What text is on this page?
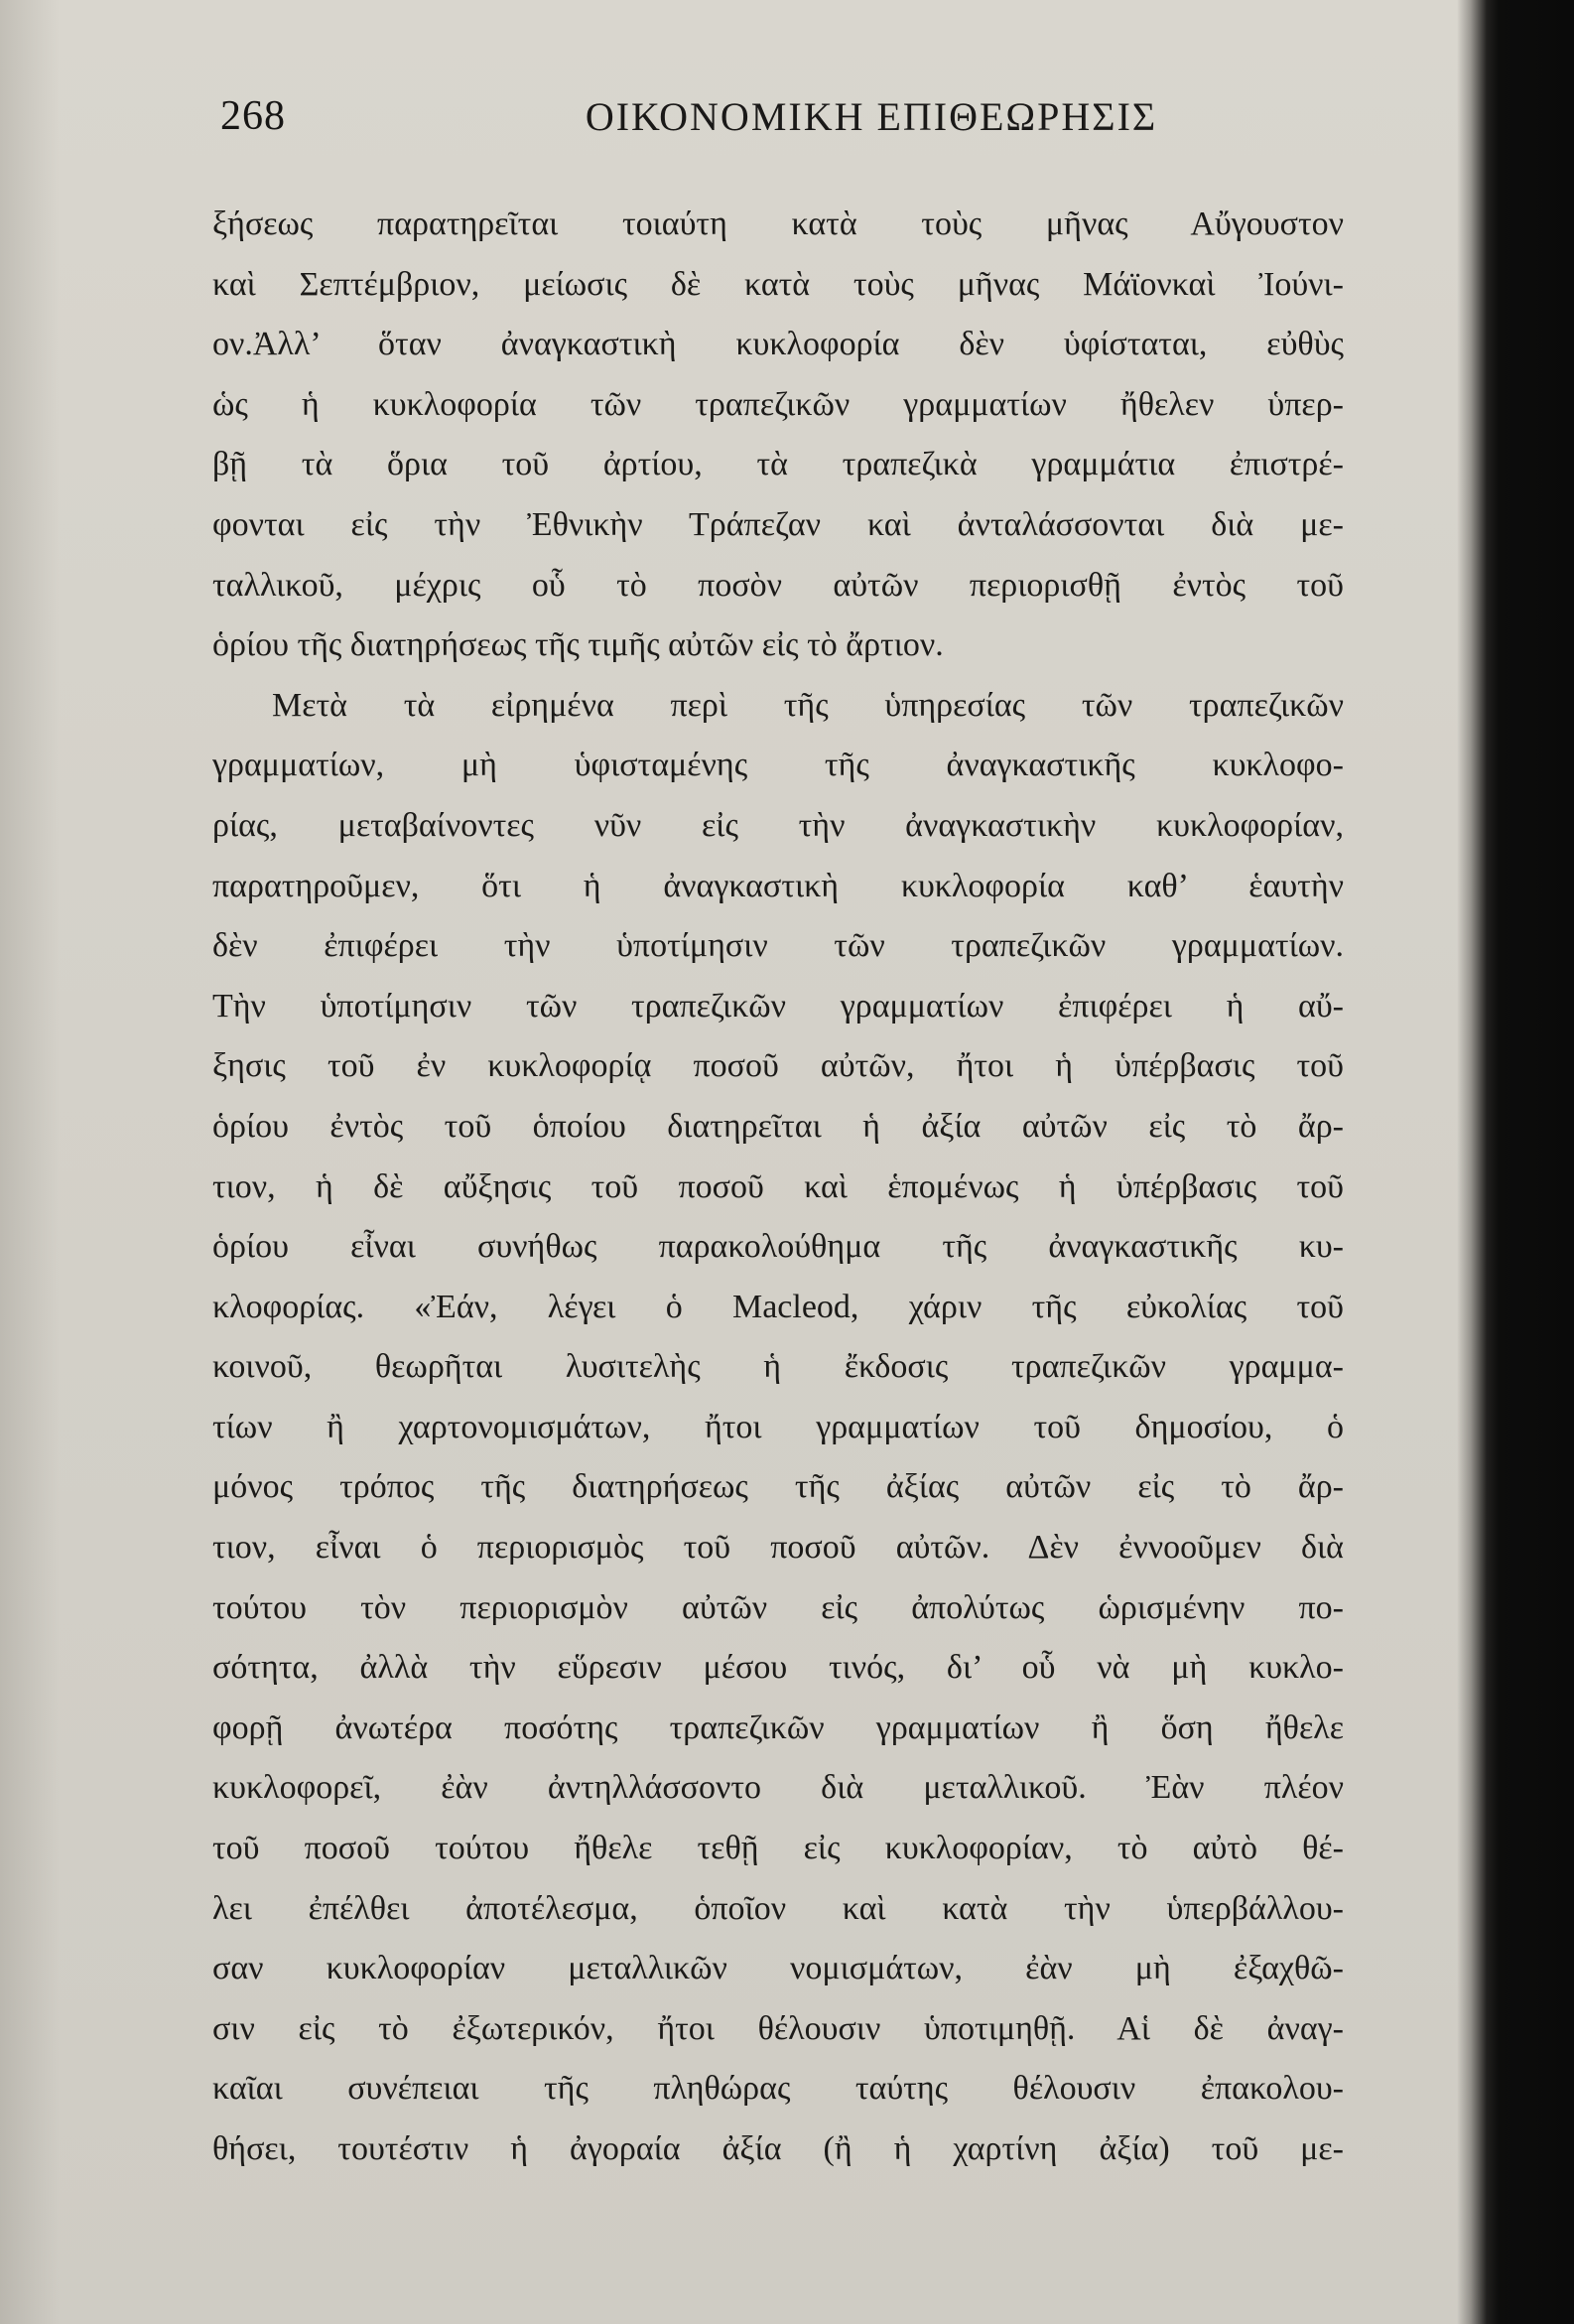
268	ΟΙΚΟΝΟΜΙΚΗ ΕΠΙΘΕΩΡΗΣΙΣ
ξήσεως παρατηρεῖται τοιαύτη κατὰ τοὺς μῆνας Αὔγουστον
καὶ Σεπτέμβριον, μείωσις δὲ κατὰ τοὺς μῆνας Μάϊονκαὶ Ἰούνι-
ον.Ἀλλ’ ὅταν ἀναγκαστικὴ κυκλοφορία δὲν ὑφίσταται, εὐθὺς
ὡς ἡ κυκλοφορία τῶν τραπεζικῶν γραμματίων ἤθελεν ὑπερ-
βῇ τὰ ὅρια τοῦ ἀρτίου, τὰ τραπεζικὰ γραμμάτια ἐπιστρέ-
φονται εἰς τὴν Ἐθνικὴν Τράπεζαν καὶ ἀνταλάσσονται διὰ με-
ταλλικοῦ, μέχρις οὗ τὸ ποσὸν αὐτῶν περιορισθῇ ἐντὸς τοῦ
ὁρίου τῆς διατηρήσεως τῆς τιμῆς αὐτῶν εἰς τὸ ἄρτιον.
Μετὰ τὰ εἰρημένα περὶ τῆς ὑπηρεσίας τῶν τραπεζικῶν
γραμματίων, μὴ ὑφισταμένης τῆς ἀναγκαστικῆς κυκλοφο-
ρίας, μεταβαίνοντες νῦν εἰς τὴν ἀναγκαστικὴν κυκλοφορίαν,
παρατηροῦμεν, ὅτι ἡ ἀναγκαστικὴ κυκλοφορία καθ’ ἑαυτὴν
δὲν ἐπιφέρει τὴν ὑποτίμησιν τῶν τραπεζικῶν γραμματίων.
Τὴν ὑποτίμησιν τῶν τραπεζικῶν γραμματίων ἐπιφέρει ἡ αὔ-
ξησις τοῦ ἐν κυκλοφορίᾳ ποσοῦ αὐτῶν, ἤτοι ἡ ὑπέρβασις τοῦ
ὁρίου ἐντὸς τοῦ ὁποίου διατηρεῖται ἡ ἀξία αὐτῶν εἰς τὸ ἄρ-
τιον, ἡ δὲ αὔξησις τοῦ ποσοῦ καὶ ἑπομένως ἡ ὑπέρβασις τοῦ
ὁρίου εἶναι συνήθως παρακολούθημα τῆς ἀναγκαστικῆς κυ-
κλοφορίας. «Ἐάν, λέγει ὁ Macleod, χάριν τῆς εὐκολίας τοῦ
κοινοῦ, θεωρῆται λυσιτελὴς ἡ ἔκδοσις τραπεζικῶν γραμμα-
τίων ἢ χαρτονομισμάτων, ἤτοι γραμματίων τοῦ δημοσίου, ὁ
μόνος τρόπος τῆς διατηρήσεως τῆς ἀξίας αὐτῶν εἰς τὸ ἄρ-
τιον, εἶναι ὁ περιορισμὸς τοῦ ποσοῦ αὐτῶν. Δὲν ἐννοοῦμεν διὰ
τούτου τὸν περιορισμὸν αὐτῶν εἰς ἀπολύτως ὡρισμένην πο-
σότητα, ἀλλὰ τὴν εὕρεσιν μέσου τινός, δι’ οὗ νὰ μὴ κυκλο-
φορῇ ἀνωτέρα ποσότης τραπεζικῶν γραμματίων ἢ ὅση ἤθελε
κυκλοφορεῖ, ἐὰν ἀντηλλάσσοντο διὰ μεταλλικοῦ. Ἐὰν πλέον
τοῦ ποσοῦ τούτου ἤθελε τεθῇ εἰς κυκλοφορίαν, τὸ αὐτὸ θέ-
λει ἐπέλθει ἀποτέλεσμα, ὁποῖον καὶ κατὰ τὴν ὑπερβάλλου-
σαν κυκλοφορίαν μεταλλικῶν νομισμάτων, ἐὰν μὴ ἐξαχθῶ-
σιν εἰς τὸ ἐξωτερικόν, ἤτοι θέλουσιν ὑποτιμηθῇ. Αἱ δὲ ἀναγ-
καῖαι συνέπειαι τῆς πληθώρας ταύτης θέλουσιν ἐπακολου-
θήσει, τουτέστιν ἡ ἀγοραία ἀξία (ἢ ἡ χαρτίνη ἀξία) τοῦ με-
